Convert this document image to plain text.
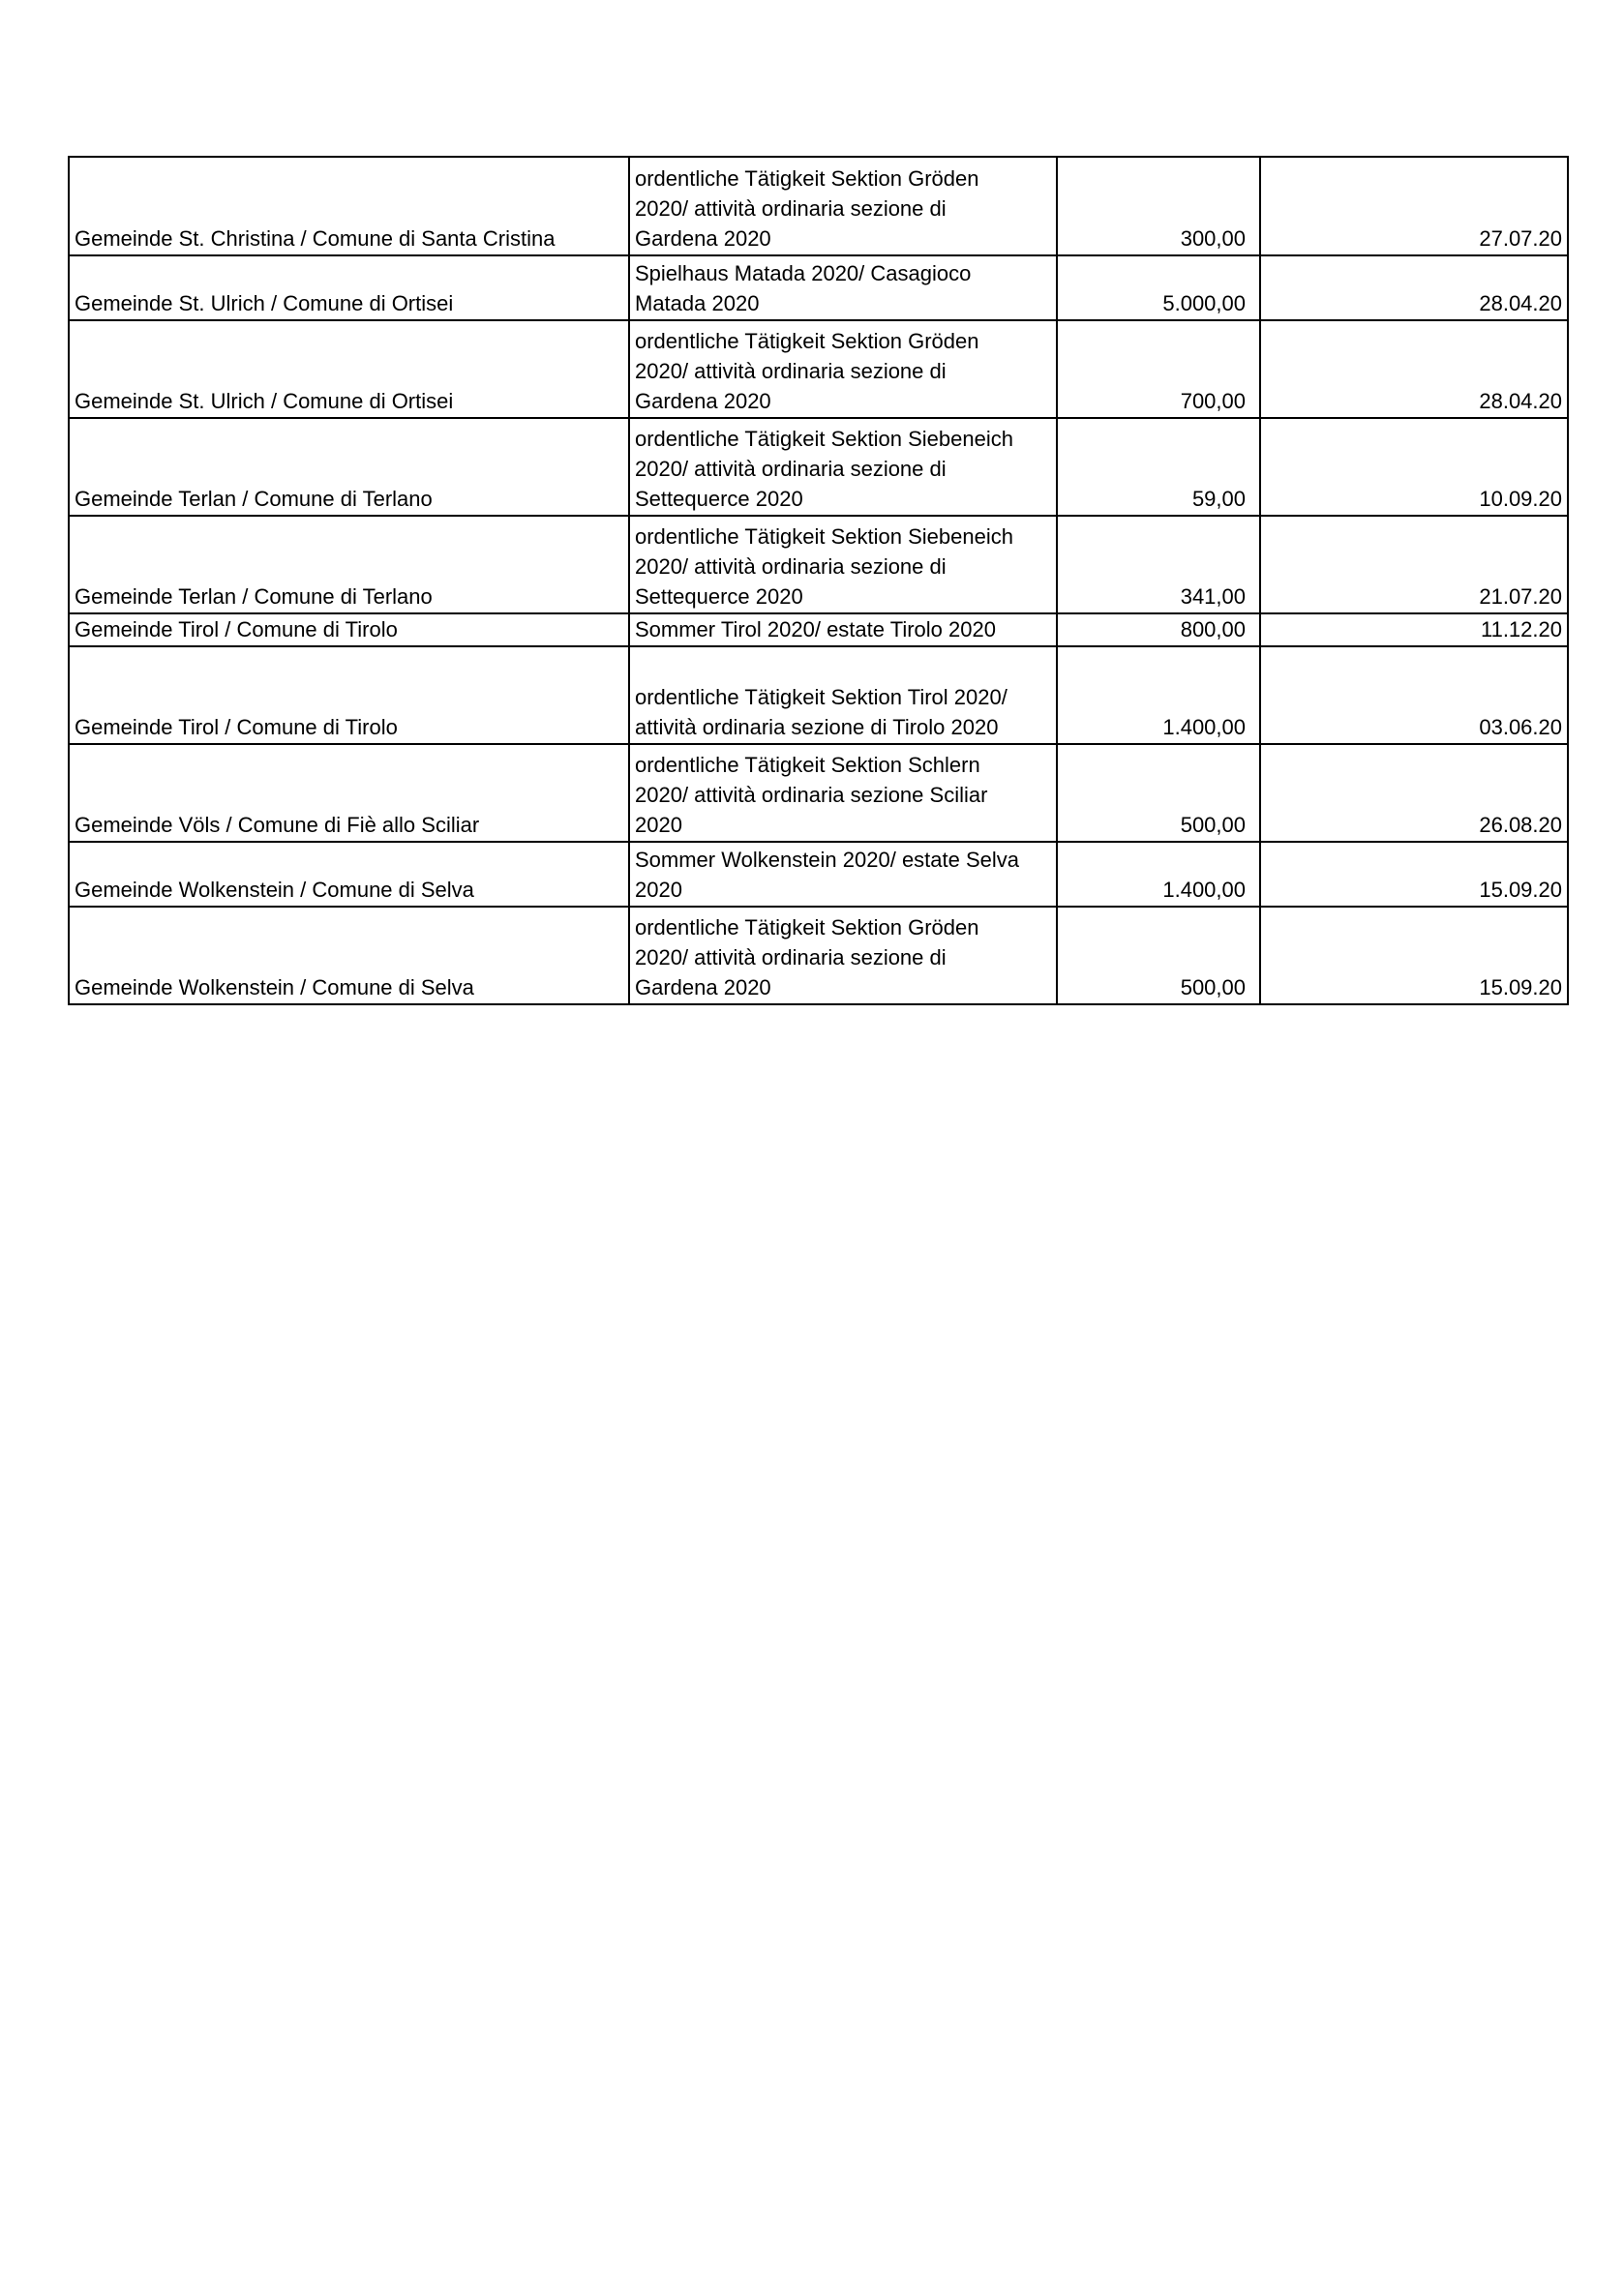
Gemeinde St. Christina / Comune di Santa Cristina	ordentliche Tätigkeit Sektion Gröden
2020/ attività ordinaria sezione di
Gardena 2020	300,00	27.07.20

Gemeinde St. Ulrich / Comune di Ortisei	Spielhaus Matada 2020/ Casagioco
Matada 2020	5.000,00	28.04.20

Gemeinde St. Ulrich / Comune di Ortisei	ordentliche Tätigkeit Sektion Gröden
2020/ attività ordinaria sezione di
Gardena 2020	700,00	28.04.20

Gemeinde Terlan / Comune di Terlano	ordentliche Tätigkeit Sektion Siebeneich
2020/ attività ordinaria sezione di
Settequerce 2020	59,00	10.09.20

Gemeinde Terlan / Comune di Terlano	ordentliche Tätigkeit Sektion Siebeneich
2020/ attività ordinaria sezione di
Settequerce 2020	341,00	21.07.20

Gemeinde Tirol / Comune di Tirolo	Sommer Tirol 2020/ estate Tirolo 2020	800,00	11.12.20

Gemeinde Tirol / Comune di Tirolo	ordentliche Tätigkeit Sektion Tirol 2020/
attività ordinaria sezione di Tirolo 2020	1.400,00	03.06.20

Gemeinde Völs / Comune di Fiè allo Sciliar	ordentliche Tätigkeit Sektion Schlern
2020/ attività ordinaria sezione Sciliar
2020	500,00	26.08.20

Gemeinde Wolkenstein / Comune di Selva	Sommer Wolkenstein 2020/ estate Selva
2020	1.400,00	15.09.20

Gemeinde Wolkenstein / Comune di Selva	ordentliche Tätigkeit Sektion Gröden
2020/ attività ordinaria sezione di
Gardena 2020	500,00	15.09.20
